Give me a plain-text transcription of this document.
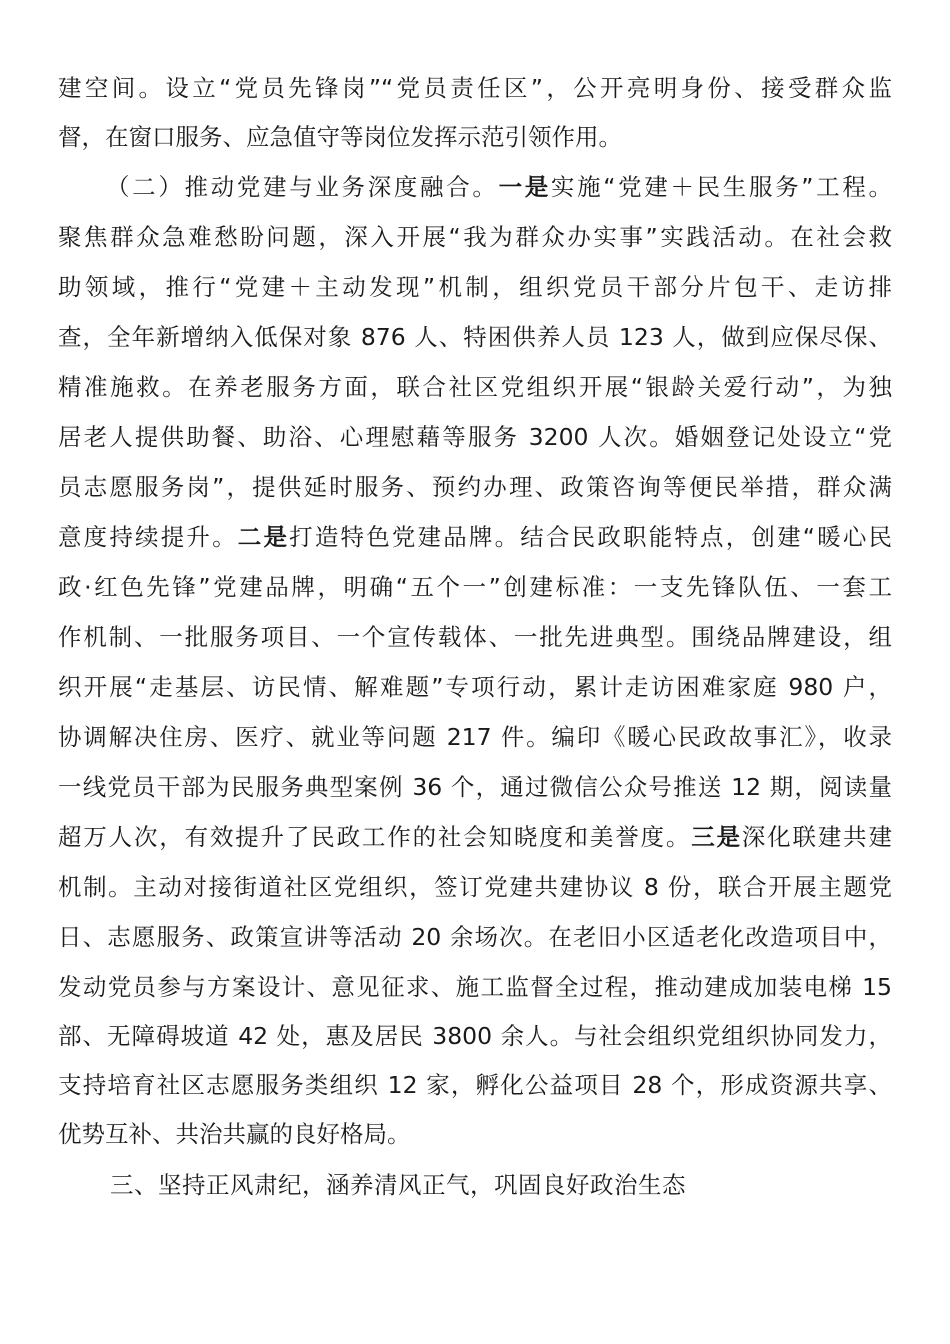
建空间。设立“党员先锋岗”“党员责任区”，公开亮明身份、接受群众监
督，在窗口服务、应急值守等岗位发挥示范引领作用。
（二）推动党建与业务深度融合。一是实施“党建＋民生服务”工程。
聚焦群众急难愁盼问题，深入开展“我为群众办实事”实践活动。在社会救
助领域，推行“党建＋主动发现”机制，组织党员干部分片包干、走访排
查，全年新增纳入低保对象 876 人、特困供养人员 123 人，做到应保尽保、
精准施救。在养老服务方面，联合社区党组织开展“银龄关爱行动”，为独
居老人提供助餐、助浴、心理慰藉等服务 3200 人次。婚姻登记处设立“党
员志愿服务岗”，提供延时服务、预约办理、政策咨询等便民举措，群众满
意度持续提升。二是打造特色党建品牌。结合民政职能特点，创建“暖心民
政·红色先锋”党建品牌，明确“五个一”创建标准：一支先锋队伍、一套工
作机制、一批服务项目、一个宣传载体、一批先进典型。围绕品牌建设，组
织开展“走基层、访民情、解难题”专项行动，累计走访困难家庭 980 户，
协调解决住房、医疗、就业等问题 217 件。编印《暖心民政故事汇》，收录
一线党员干部为民服务典型案例 36 个，通过微信公众号推送 12 期，阅读量
超万人次，有效提升了民政工作的社会知晓度和美誉度。三是深化联建共建
机制。主动对接街道社区党组织，签订党建共建协议 8 份，联合开展主题党
日、志愿服务、政策宣讲等活动 20 余场次。在老旧小区适老化改造项目中，
发动党员参与方案设计、意见征求、施工监督全过程，推动建成加装电梯 15
部、无障碍坡道 42 处，惠及居民 3800 余人。与社会组织党组织协同发力，
支持培育社区志愿服务类组织 12 家，孵化公益项目 28 个，形成资源共享、
优势互补、共治共赢的良好格局。
三、坚持正风肃纪，涵养清风正气，巩固良好政治生态
